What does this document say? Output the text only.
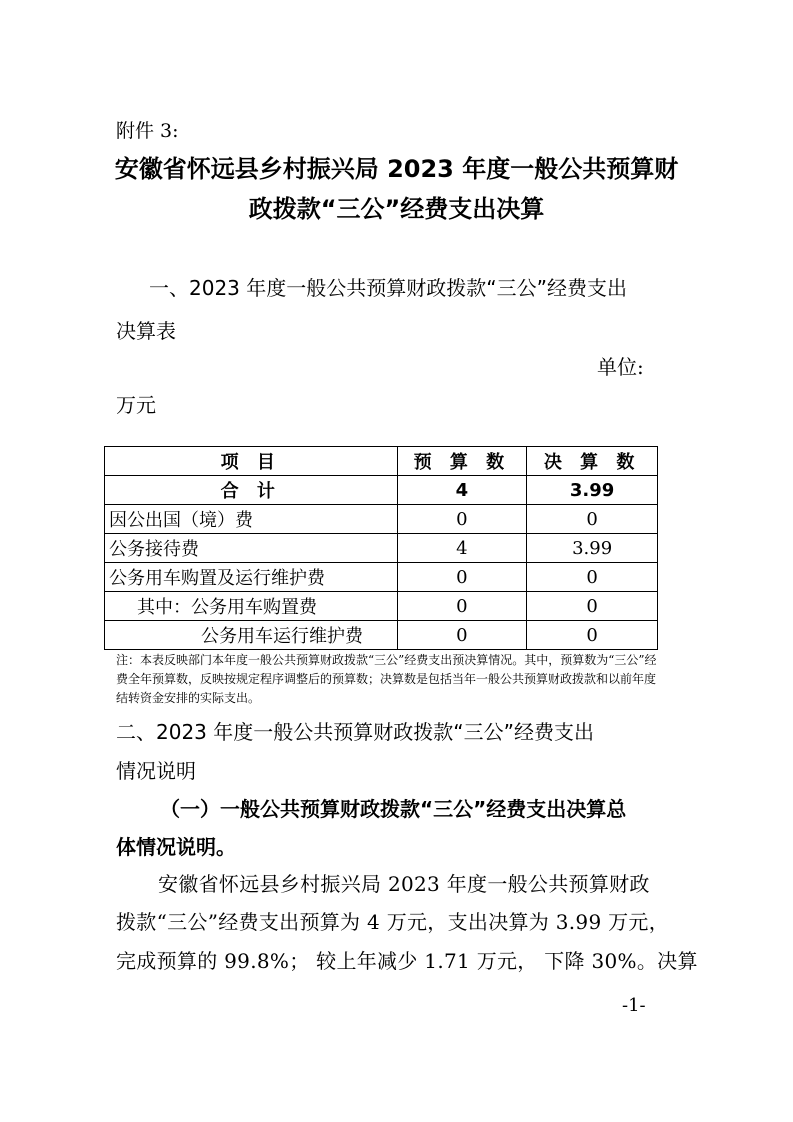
附件 3:
安徽省怀远县乡村振兴局 2023 年度一般公共预算财
政拨款“三公”经费支出决算
一、2023 年度一般公共预算财政拨款“三公”经费支出
决算表
单位:
万元
项 目	预 算 数	决 算 数
合 计	4	3.99
因公出国（境）费	0	0
公务接待费	4	3.99
公务用车购置及运行维护费	0	0
其中：公务用车购置费	0	0
公务用车运行维护费	0	0
注：本表反映部门本年度一般公共预算财政拨款“三公”经费支出预决算情况。其中，预算数为“三公”经费全年预算数，反映按规定程序调整后的预算数；决算数是包括当年一般公共预算财政拨款和以前年度结转资金安排的实际支出。
二、2023 年度一般公共预算财政拨款“三公”经费支出
情况说明
（一）一般公共预算财政拨款“三公”经费支出决算总
体情况说明。
安徽省怀远县乡村振兴局 2023 年度一般公共预算财政
拨款“三公”经费支出预算为 4 万元，支出决算为 3.99 万元，
完成预算的 99.8%； 较上年减少 1.71 万元， 下降 30%。决算
-1-
